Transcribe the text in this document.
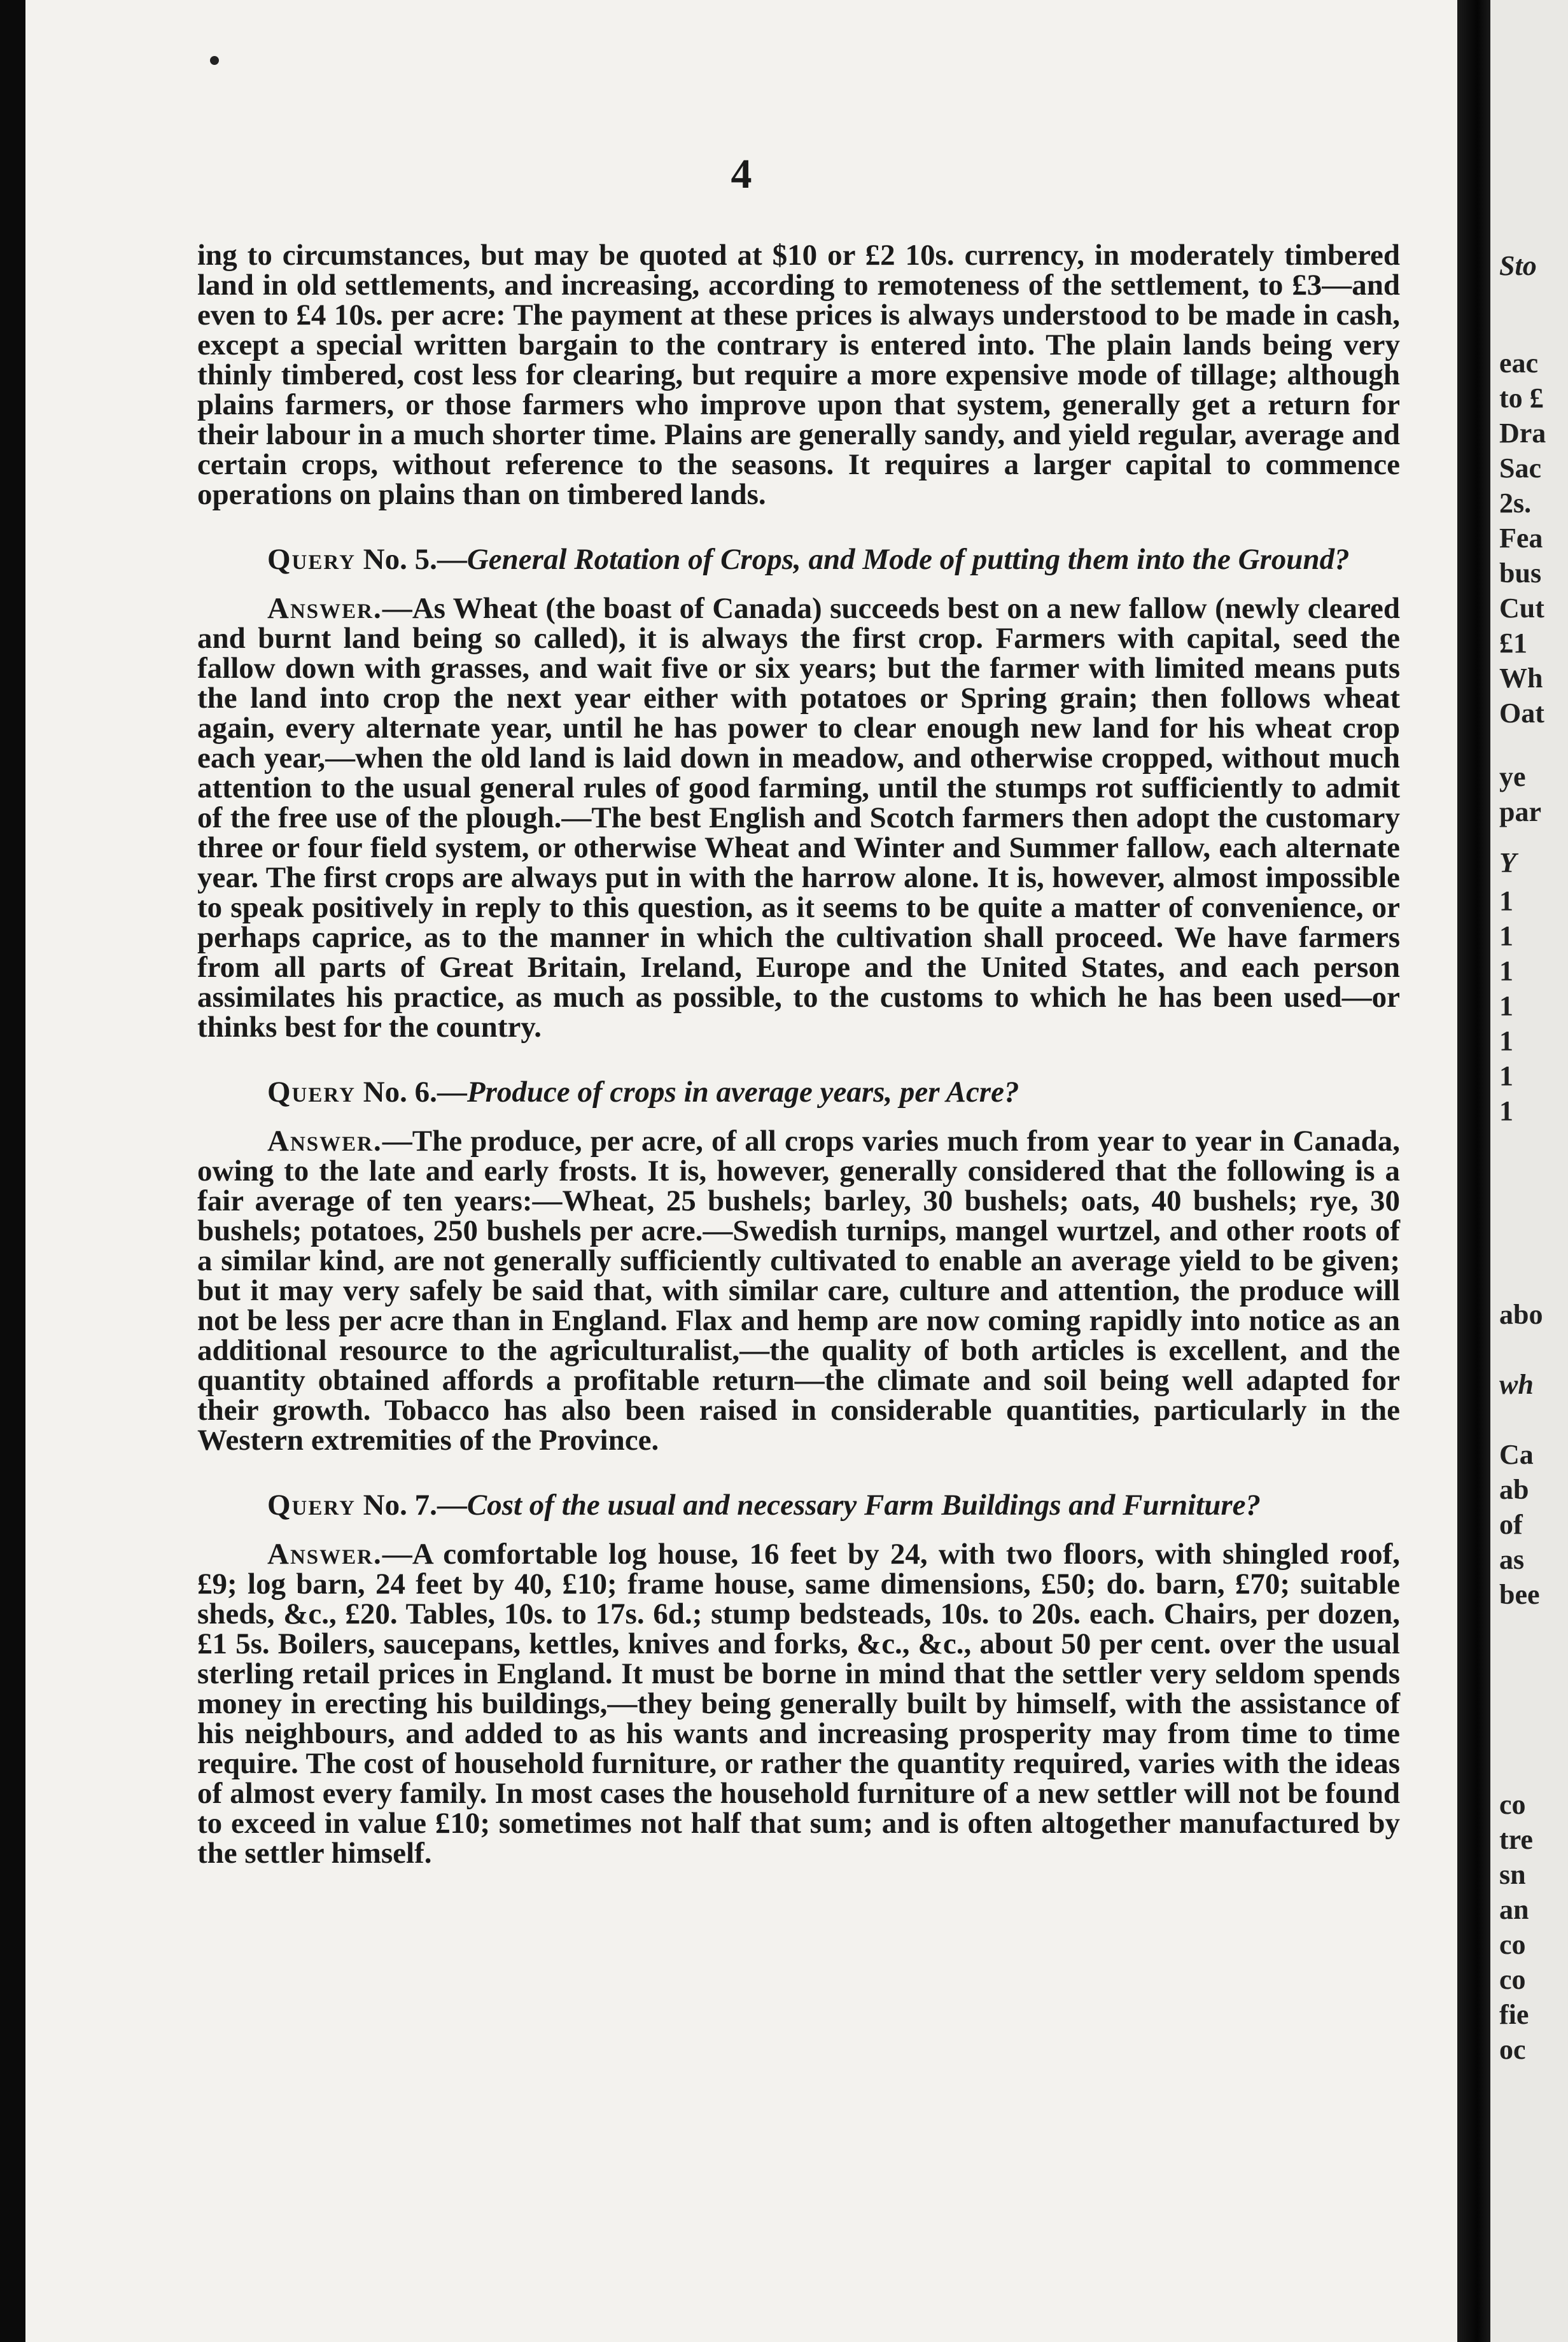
4

ing to circumstances, but may be quoted at $10 or £2 10s. currency, in moderately timbered land in old settlements, and increasing, according to remoteness of the settlement, to £3—and even to £4 10s. per acre: The payment at these prices is always understood to be made in cash, except a special written bargain to the contrary is entered into. The plain lands being very thinly timbered, cost less for clearing, but require a more expensive mode of tillage; although plains farmers, or those farmers who improve upon that system, generally get a return for their labour in a much shorter time. Plains are generally sandy, and yield regular, average and certain crops, without reference to the seasons. It requires a larger capital to commence operations on plains than on timbered lands.

Query No. 5.—General Rotation of Crops, and Mode of putting them into the Ground?

Answer.—As Wheat (the boast of Canada) succeeds best on a new fallow (newly cleared and burnt land being so called), it is always the first crop. Farmers with capital, seed the fallow down with grasses, and wait five or six years; but the farmer with limited means puts the land into crop the next year either with potatoes or Spring grain; then follows wheat again, every alternate year, until he has power to clear enough new land for his wheat crop each year,—when the old land is laid down in meadow, and otherwise cropped, without much attention to the usual general rules of good farming, until the stumps rot sufficiently to admit of the free use of the plough.—The best English and Scotch farmers then adopt the customary three or four field system, or otherwise Wheat and Winter and Summer fallow, each alternate year. The first crops are always put in with the harrow alone. It is, however, almost impossible to speak positively in reply to this question, as it seems to be quite a matter of convenience, or perhaps caprice, as to the manner in which the cultivation shall proceed. We have farmers from all parts of Great Britain, Ireland, Europe and the United States, and each person assimilates his practice, as much as possible, to the customs to which he has been used—or thinks best for the country.

Query No. 6.—Produce of crops in average years, per Acre?

Answer.—The produce, per acre, of all crops varies much from year to year in Canada, owing to the late and early frosts. It is, however, generally considered that the following is a fair average of ten years:—Wheat, 25 bushels; barley, 30 bushels; oats, 40 bushels; rye, 30 bushels; potatoes, 250 bushels per acre.—Swedish turnips, mangel wurtzel, and other roots of a similar kind, are not generally sufficiently cultivated to enable an average yield to be given; but it may very safely be said that, with similar care, culture and attention, the produce will not be less per acre than in England. Flax and hemp are now coming rapidly into notice as an additional resource to the agriculturalist,—the quality of both articles is excellent, and the quantity obtained affords a profitable return—the climate and soil being well adapted for their growth. Tobacco has also been raised in considerable quantities, particularly in the Western extremities of the Province.

Query No. 7.—Cost of the usual and necessary Farm Buildings and Furniture?

Answer.—A comfortable log house, 16 feet by 24, with two floors, with shingled roof, £9; log barn, 24 feet by 40, £10; frame house, same dimensions, £50; do. barn, £70; suitable sheds, &c., £20. Tables, 10s. to 17s. 6d.; stump bedsteads, 10s. to 20s. each. Chairs, per dozen, £1 5s. Boilers, saucepans, kettles, knives and forks, &c., &c., about 50 per cent. over the usual sterling retail prices in England. It must be borne in mind that the settler very seldom spends money in erecting his buildings,—they being generally built by himself, with the assistance of his neighbours, and added to as his wants and increasing prosperity may from time to time require. The cost of household furniture, or rather the quantity required, varies with the ideas of almost every family. In most cases the household furniture of a new settler will not be found to exceed in value £10; sometimes not half that sum; and is often altogether manufactured by the settler himself.

Sto
eac
to £
Dra
Sac
2s.
Fea
bus
Cut
£1
Wh
Oat
ye
par
Y
1
1
1
1
1
1
1
abo
wh
Ca
ab
of
as
bee
co
tre
sn
an
co
co
fie
oc
